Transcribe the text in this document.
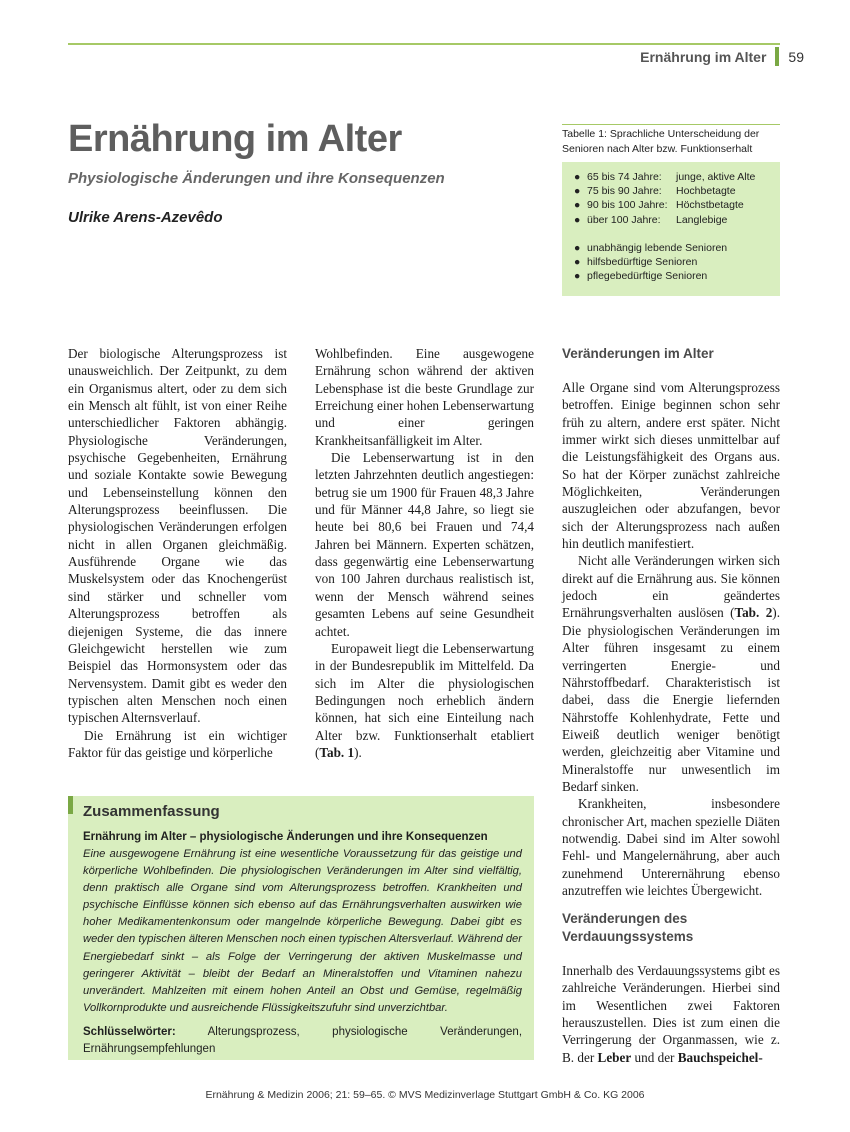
Ernährung im Alter 59
Ernährung im Alter
Physiologische Änderungen und ihre Konsequenzen
Ulrike Arens-Azevêdo
Tabelle 1: Sprachliche Unterscheidung der Senioren nach Alter bzw. Funktionserhalt
● 65 bis 74 Jahre:	junge, aktive Alte
● 75 bis 90 Jahre:	Hochbetagte
● 90 bis 100 Jahre: Höchstbetagte
● über 100 Jahre:	Langlebige
● unabhängig lebende Senioren
● hilfsbedürftige Senioren
● pflegebedürftige Senioren

Der biologische Alterungsprozess ist unausweichlich. Der Zeitpunkt, zu dem ein Organismus altert, oder zu dem sich ein Mensch alt fühlt, ist von einer Reihe unterschiedlicher Faktoren abhängig. Physiologische Veränderungen, psychische Gegebenheiten, Ernährung und soziale Kontakte sowie Bewegung und Lebenseinstellung können den Alterungsprozess beeinflussen. Die physiologischen Veränderungen erfolgen nicht in allen Organen gleichmäßig. Ausführende Organe wie das Muskelsystem oder das Knochengerüst sind stärker und schneller vom Alterungsprozess betroffen als diejenigen Systeme, die das innere Gleichgewicht herstellen wie zum Beispiel das Hormonsystem oder das Nervensystem. Damit gibt es weder den typischen alten Menschen noch einen typischen Alternsverlauf.

Die Ernährung ist ein wichtiger Faktor für das geistige und körperliche

Wohlbefinden. Eine ausgewogene Ernährung schon während der aktiven Lebensphase ist die beste Grundlage zur Erreichung einer hohen Lebenserwartung und einer geringen Krankheitsanfälligkeit im Alter.

Die Lebenserwartung ist in den letzten Jahrzehnten deutlich angestiegen: betrug sie um 1900 für Frauen 48,3 Jahre und für Männer 44,8 Jahre, so liegt sie heute bei 80,6 bei Frauen und 74,4 Jahren bei Männern. Experten schätzen, dass gegenwärtig eine Lebenserwartung von 100 Jahren durchaus realistisch ist, wenn der Mensch während seines gesamten Lebens auf seine Gesundheit achtet.

Europaweit liegt die Lebenserwartung in der Bundesrepublik im Mittelfeld. Da sich im Alter die physiologischen Bedingungen noch erheblich ändern können, hat sich eine Einteilung nach Alter bzw. Funktionserhalt etabliert (Tab. 1).

Veränderungen im Alter

Alle Organe sind vom Alterungsprozess betroffen. Einige beginnen schon sehr früh zu altern, andere erst später. Nicht immer wirkt sich dieses unmittelbar auf die Leistungsfähigkeit des Organs aus. So hat der Körper zunächst zahlreiche Möglichkeiten, Veränderungen auszugleichen oder abzufangen, bevor sich der Alterungsprozess nach außen hin deutlich manifestiert.

Nicht alle Veränderungen wirken sich direkt auf die Ernährung aus. Sie können jedoch ein geändertes Ernährungsverhalten auslösen (Tab. 2). Die physiologischen Veränderungen im Alter führen insgesamt zu einem verringerten Energie- und Nährstoffbedarf. Charakteristisch ist dabei, dass die Energie liefernden Nährstoffe Kohlenhydrate, Fette und Eiweiß deutlich weniger benötigt werden, gleichzeitig aber Vitamine und Mineralstoffe nur unwesentlich im Bedarf sinken.

Krankheiten, insbesondere chronischer Art, machen spezielle Diäten notwendig. Dabei sind im Alter sowohl Fehl- und Mangelernährung, aber auch zunehmend Unterernährung ebenso anzutreffen wie leichtes Übergewicht.

Veränderungen des Verdauungssystems

Innerhalb des Verdauungssystems gibt es zahlreiche Veränderungen. Hierbei sind im Wesentlichen zwei Faktoren herauszustellen. Dies ist zum einen die Verringerung der Organmassen, wie z. B. der Leber und der Bauchspeichel-

Zusammenfassung
Ernährung im Alter – physiologische Änderungen und ihre Konsequenzen
Eine ausgewogene Ernährung ist eine wesentliche Voraussetzung für das geistige und körperliche Wohlbefinden. Die physiologischen Veränderungen im Alter sind vielfältig, denn praktisch alle Organe sind vom Alterungsprozess betroffen. Krankheiten und psychische Einflüsse können sich ebenso auf das Ernährungsverhalten auswirken wie hoher Medikamentenkonsum oder mangelnde körperliche Bewegung. Dabei gibt es weder den typischen älteren Menschen noch einen typischen Altersverlauf. Während der Energiebedarf sinkt – als Folge der Verringerung der aktiven Muskelmasse und geringerer Aktivität – bleibt der Bedarf an Mineralstoffen und Vitaminen nahezu unverändert. Mahlzeiten mit einem hohen Anteil an Obst und Gemüse, regelmäßig Vollkornprodukte und ausreichende Flüssigkeitszufuhr sind unverzichtbar.
Schlüsselwörter:	Alterungsprozess, physiologische Veränderungen, Ernährungsempfehlungen
Ernährung & Medizin 2006; 21: 59–65. © MVS Medizinverlage Stuttgart GmbH & Co. KG 2006
